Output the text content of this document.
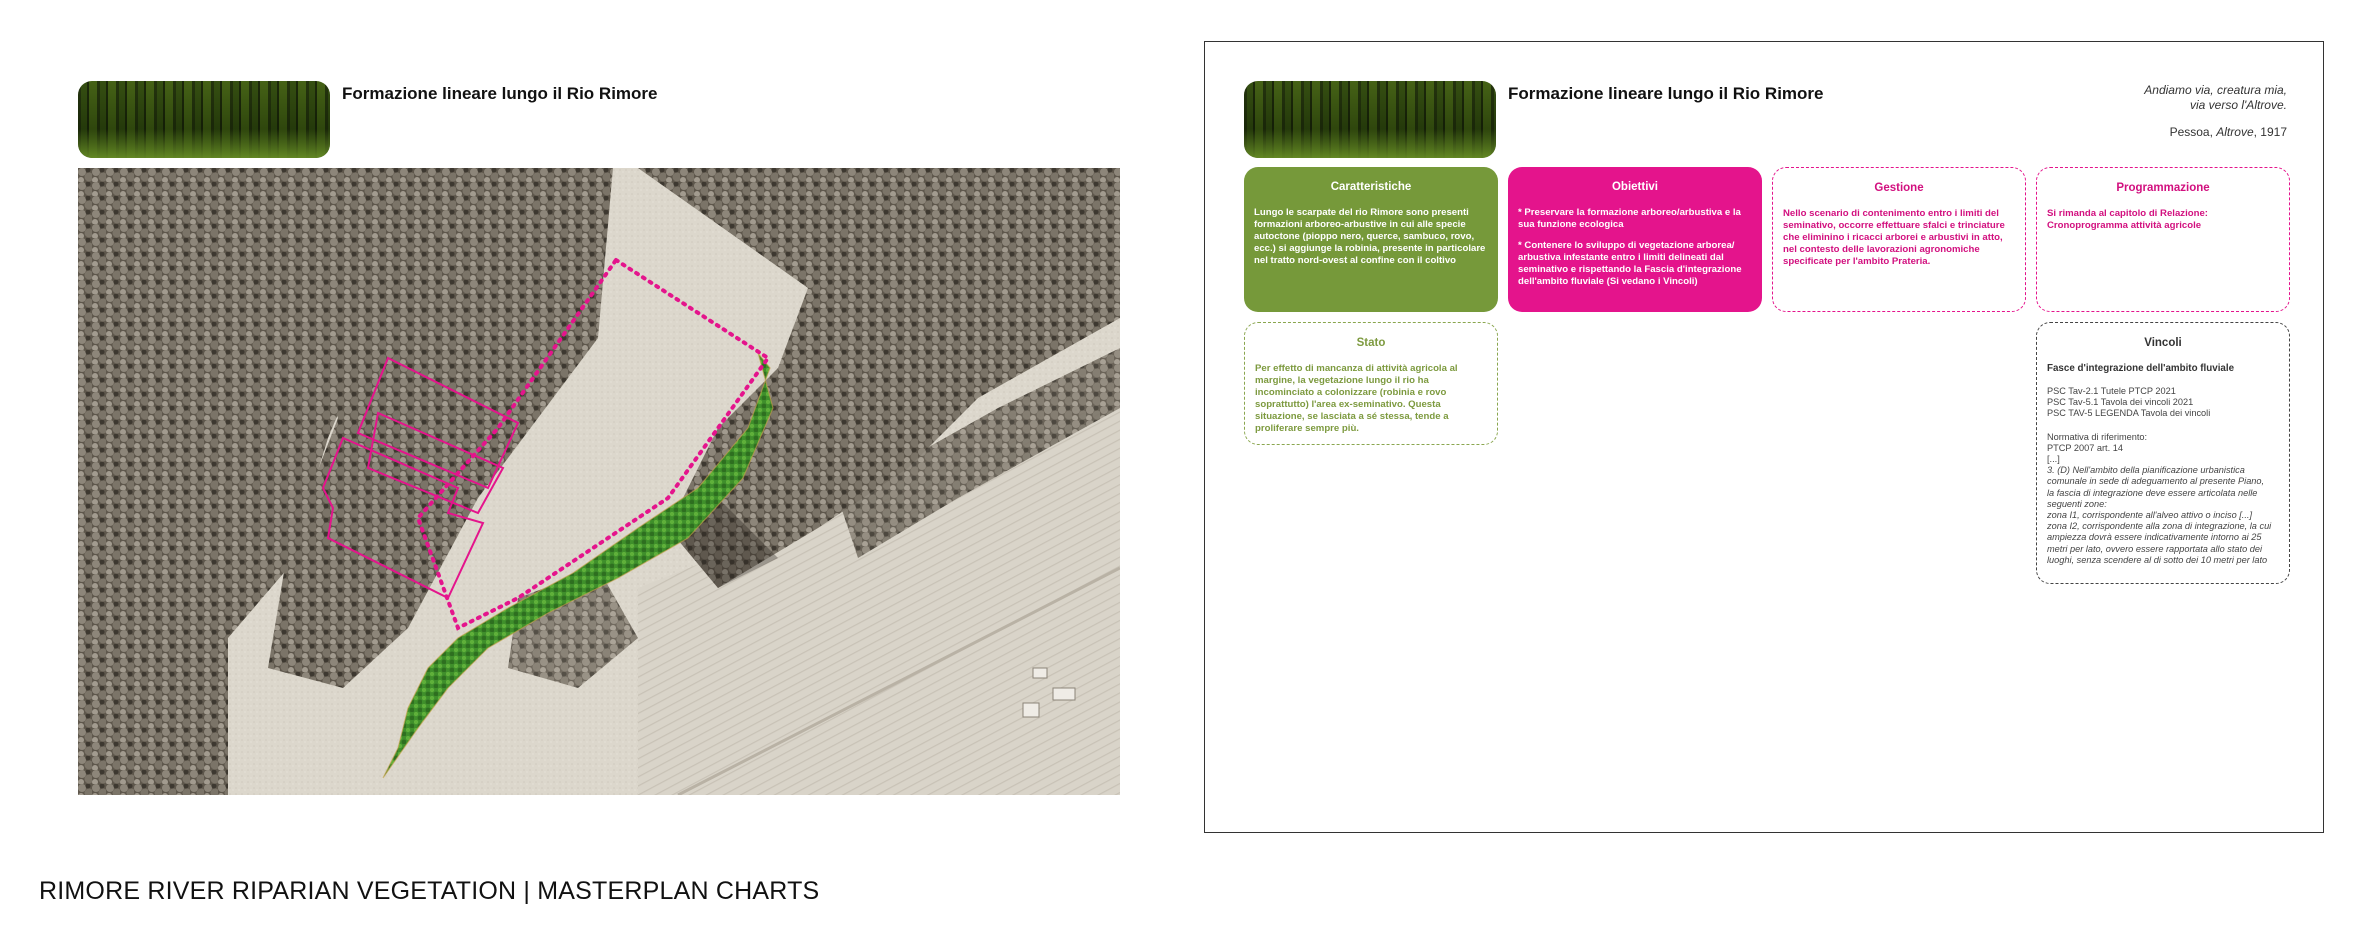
Formazione lineare lungo il Rio Rimore	Formazione lineare lungo il Rio Rimore	Andiamo via, creatura mia,
via verso l'Altrove.
Pessoa, Altrove, 1917
Caratteristiche

Lungo le scarpate del rio Rimore sono presenti formazioni arboreo-arbustive in cui alle specie autoctone (pioppo nero, querce, sambuco, rovo, ecc.) si aggiunge la robinia, presente in particolare nel tratto nord-ovest al confine con il coltivo

Obiettivi

* Preservare la formazione arboreo/arbustiva e la sua funzione ecologica

* Contenere lo sviluppo di vegetazione arborea/ arbustiva infestante entro i limiti delineati dal seminativo e rispettando la Fascia d'integrazione dell'ambito fluviale (Si vedano i Vincoli)

Gestione

Nello scenario di contenimento entro i limiti del seminativo, occorre effettuare sfalci e trinciature che eliminino i ricacci arborei e arbustivi in atto, nel contesto delle lavorazioni agronomiche specificate per l'ambito Prateria.

Programmazione

Si rimanda al capitolo di Relazione: Cronoprogramma attività agricole

Stato

Per effetto di mancanza di attività agricola al margine, la vegetazione lungo il rio ha incominciato a colonizzare (robinia e rovo soprattutto) l'area ex-seminativo. Questa situazione, se lasciata a sé stessa, tende a proliferare sempre più.

Vincoli
Fasce d'integrazione dell'ambito fluviale
PSC Tav-2.1 Tutele PTCP 2021
PSC Tav-5.1 Tavola dei vincoli 2021
PSC TAV-5 LEGENDA Tavola dei vincoli
Normativa di riferimento:
PTCP 2007 art. 14
[...]
3. (D) Nell'ambito della pianificazione urbanistica
comunale in sede di adeguamento al presente Piano,
la fascia di integrazione deve essere articolata nelle
seguenti zone:
zona I1, corrispondente all'alveo attivo o inciso [...]
zona I2, corrispondente alla zona di integrazione, la cui
ampiezza dovrà essere indicativamente intorno ai 25
metri per lato, ovvero essere rapportata allo stato dei
luoghi, senza scendere al di sotto dei 10 metri per lato
RIMORE RIVER RIPARIAN VEGETATION | MASTERPLAN CHARTS
